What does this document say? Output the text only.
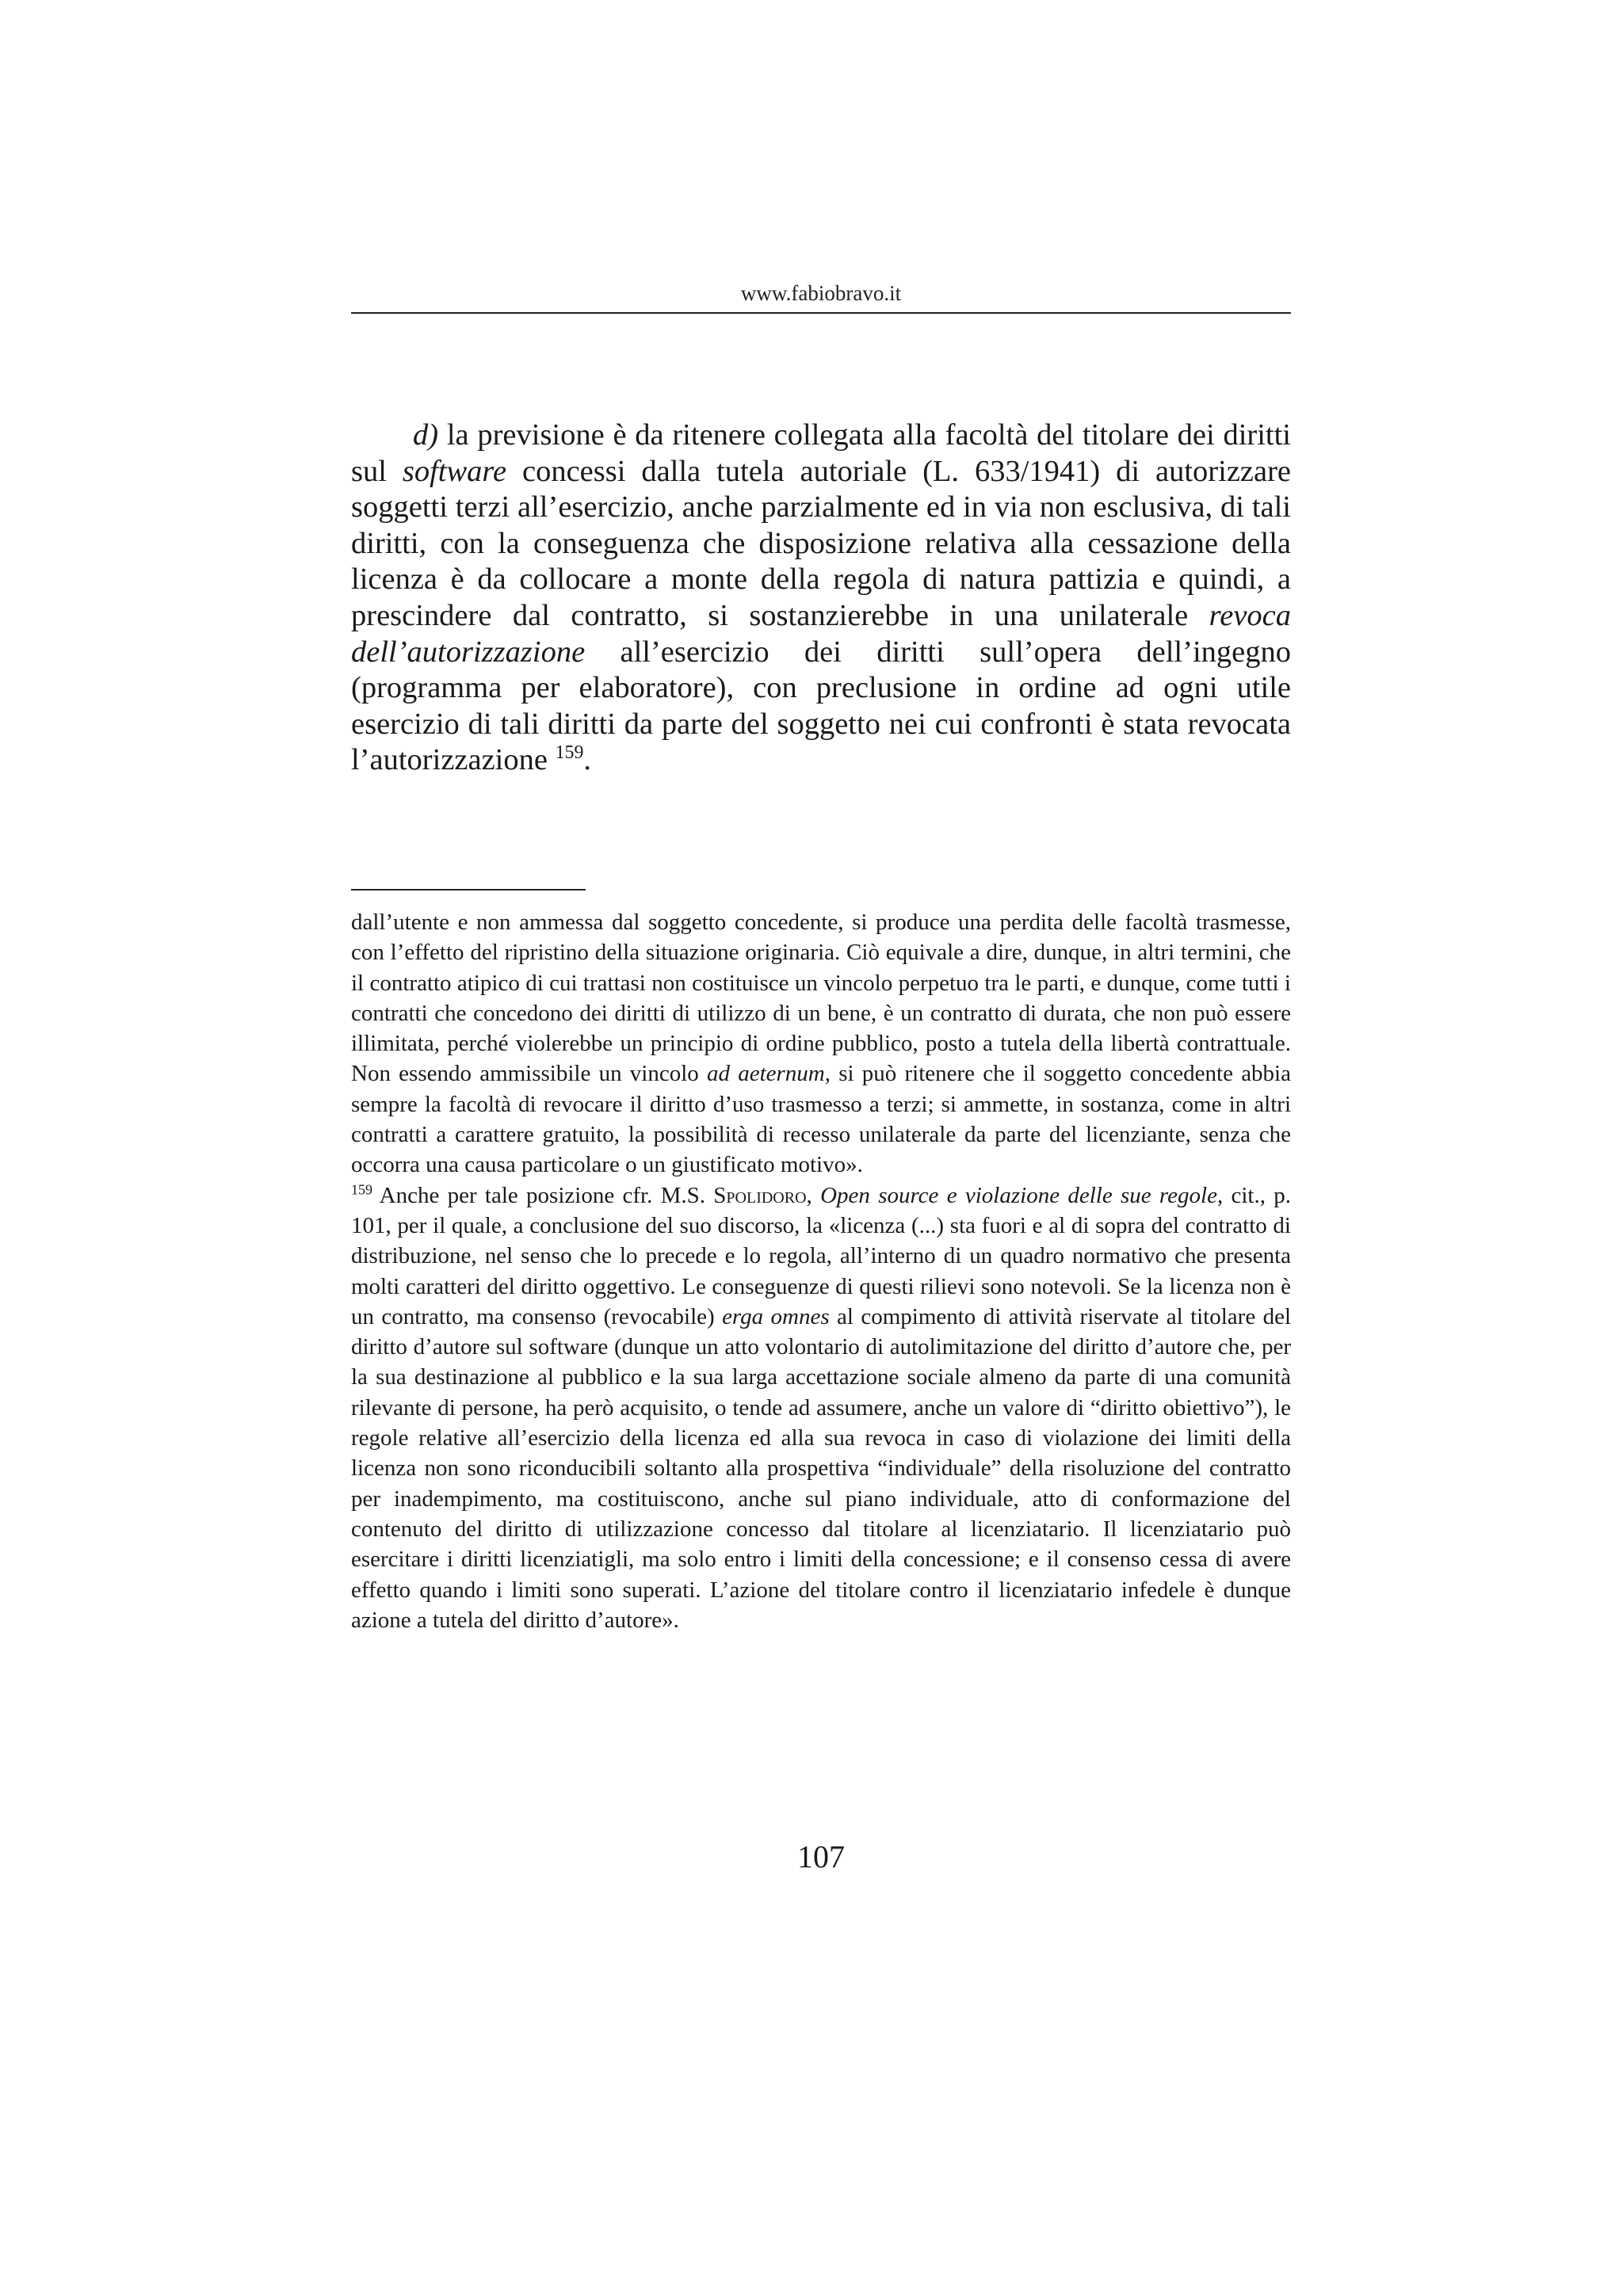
www.fabiobravo.it

d) la previsione è da ritenere collegata alla facoltà del titolare dei diritti sul software concessi dalla tutela autoriale (L. 633/1941) di autorizzare soggetti terzi all’esercizio, anche parzialmente ed in via non esclusiva, di tali diritti, con la conseguenza che disposizione relativa alla cessazione della licenza è da collocare a monte della regola di natura pattizia e quindi, a prescindere dal contratto, si sostanzierebbe in una unilaterale revoca dell’autorizzazione all’esercizio dei diritti sull’opera dell’ingegno (programma per elaboratore), con preclusione in ordine ad ogni utile esercizio di tali diritti da parte del soggetto nei cui confronti è stata revocata l’autorizzazione $^{159}$.

dall’utente e non ammessa dal soggetto concedente, si produce una perdita delle facoltà trasmesse, con l’effetto del ripristino della situazione originaria. Ciò equivale a dire, dunque, in altri termini, che il contratto atipico di cui trattasi non costituisce un vincolo perpetuo tra le parti, e dunque, come tutti i contratti che concedono dei diritti di utilizzo di un bene, è un contratto di durata, che non può essere illimitata, perché violerebbe un principio di ordine pubblico, posto a tutela della libertà contrattuale. Non essendo ammissibile un vincolo ad aeternum, si può ritenere che il soggetto concedente abbia sempre la facoltà di revocare il diritto d’uso trasmesso a terzi; si ammette, in sostanza, come in altri contratti a carattere gratuito, la possibilità di recesso unilaterale da parte del licenziante, senza che occorra una causa particolare o un giustificato motivo».

$^{159}$ Anche per tale posizione cfr. M.S. Spolidoro, Open source e violazione delle sue regole, cit., p. 101, per il quale, a conclusione del suo discorso, la «licenza (...) sta fuori e al di sopra del contratto di distribuzione, nel senso che lo precede e lo regola, all’interno di un quadro normativo che presenta molti caratteri del diritto oggettivo. Le conseguenze di questi rilievi sono notevoli. Se la licenza non è un contratto, ma consenso (revocabile) erga omnes al compimento di attività riservate al titolare del diritto d’autore sul software (dunque un atto volontario di autolimitazione del diritto d’autore che, per la sua destinazione al pubblico e la sua larga accettazione sociale almeno da parte di una comunità rilevante di persone, ha però acquisito, o tende ad assumere, anche un valore di “diritto obiettivo”), le regole relative all’esercizio della licenza ed alla sua revoca in caso di violazione dei limiti della licenza non sono riconducibili soltanto alla prospettiva “individuale” della risoluzione del contratto per inadempimento, ma costituiscono, anche sul piano individuale, atto di conformazione del contenuto del diritto di utilizzazione concesso dal titolare al licenziatario. Il licenziatario può esercitare i diritti licenziatigli, ma solo entro i limiti della concessione; e il consenso cessa di avere effetto quando i limiti sono superati. L’azione del titolare contro il licenziatario infedele è dunque azione a tutela del diritto d’autore».

107
